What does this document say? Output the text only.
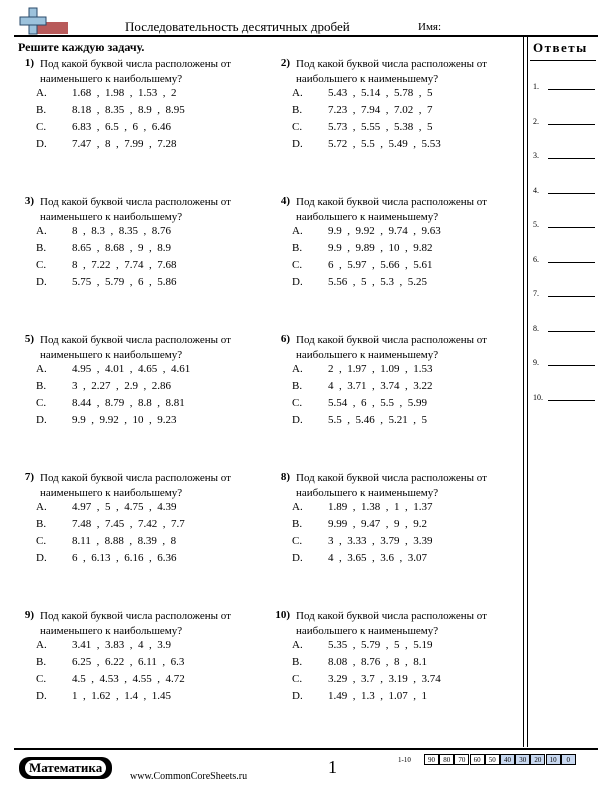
Последовательность десятичных дробей	Имя:
Решите каждую задачу.	Ответы
1.
2.
3.
4.
5.
6.
7.
8.
9.
10.
1) Под какой буквой числа расположены от наименьшего к наибольшему?
A. 1.68  ,  1.98  ,  1.53  ,  2
B. 8.18  ,  8.35  ,  8.9  ,  8.95
C. 6.83  ,  6.5  ,  6  ,  6.46
D. 7.47  ,  8  ,  7.99  ,  7.28
2) Под какой буквой числа расположены от наибольшего к наименьшему?
A. 5.43  ,  5.14  ,  5.78  ,  5
B. 7.23  ,  7.94  ,  7.02  ,  7
C. 5.73  ,  5.55  ,  5.38  ,  5
D. 5.72  ,  5.5  ,  5.49  ,  5.53
3) Под какой буквой числа расположены от наименьшего к наибольшему?
A. 8  ,  8.3  ,  8.35  ,  8.76
B. 8.65  ,  8.68  ,  9  ,  8.9
C. 8  ,  7.22  ,  7.74  ,  7.68
D. 5.75  ,  5.79  ,  6  ,  5.86
4) Под какой буквой числа расположены от наибольшего к наименьшему?
A. 9.9  ,  9.92  ,  9.74  ,  9.63
B. 9.9  ,  9.89  ,  10  ,  9.82
C. 6  ,  5.97  ,  5.66  ,  5.61
D. 5.56  ,  5  ,  5.3  ,  5.25
5) Под какой буквой числа расположены от наименьшего к наибольшему?
A. 4.95  ,  4.01  ,  4.65  ,  4.61
B. 3  ,  2.27  ,  2.9  ,  2.86
C. 8.44  ,  8.79  ,  8.8  ,  8.81
D. 9.9  ,  9.92  ,  10  ,  9.23
6) Под какой буквой числа расположены от наибольшего к наименьшему?
A. 2  ,  1.97  ,  1.09  ,  1.53
B. 4  ,  3.71  ,  3.74  ,  3.22
C. 5.54  ,  6  ,  5.5  ,  5.99
D. 5.5  ,  5.46  ,  5.21  ,  5
7) Под какой буквой числа расположены от наименьшего к наибольшему?
A. 4.97  ,  5  ,  4.75  ,  4.39
B. 7.48  ,  7.45  ,  7.42  ,  7.7
C. 8.11  ,  8.88  ,  8.39  ,  8
D. 6  ,  6.13  ,  6.16  ,  6.36
8) Под какой буквой числа расположены от наибольшего к наименьшему?
A. 1.89  ,  1.38  ,  1  ,  1.37
B. 9.99  ,  9.47  ,  9  ,  9.2
C. 3  ,  3.33  ,  3.79  ,  3.39
D. 4  ,  3.65  ,  3.6  ,  3.07
9) Под какой буквой числа расположены от наименьшего к наибольшему?
A. 3.41  ,  3.83  ,  4  ,  3.9
B. 6.25  ,  6.22  ,  6.11  ,  6.3
C. 4.5  ,  4.53  ,  4.55  ,  4.72
D. 1  ,  1.62  ,  1.4  ,  1.45
10) Под какой буквой числа расположены от наибольшего к наименьшему?
A. 5.35  ,  5.79  ,  5  ,  5.19
B. 8.08  ,  8.76  ,  8  ,  8.1
C. 3.29  ,  3.7  ,  3.19  ,  3.74
D. 1.49  ,  1.3  ,  1.07  ,  1
Математика
www.CommonCoreSheets.ru	1	1-10	90	80	70	60	50	40	30	20	10	0
